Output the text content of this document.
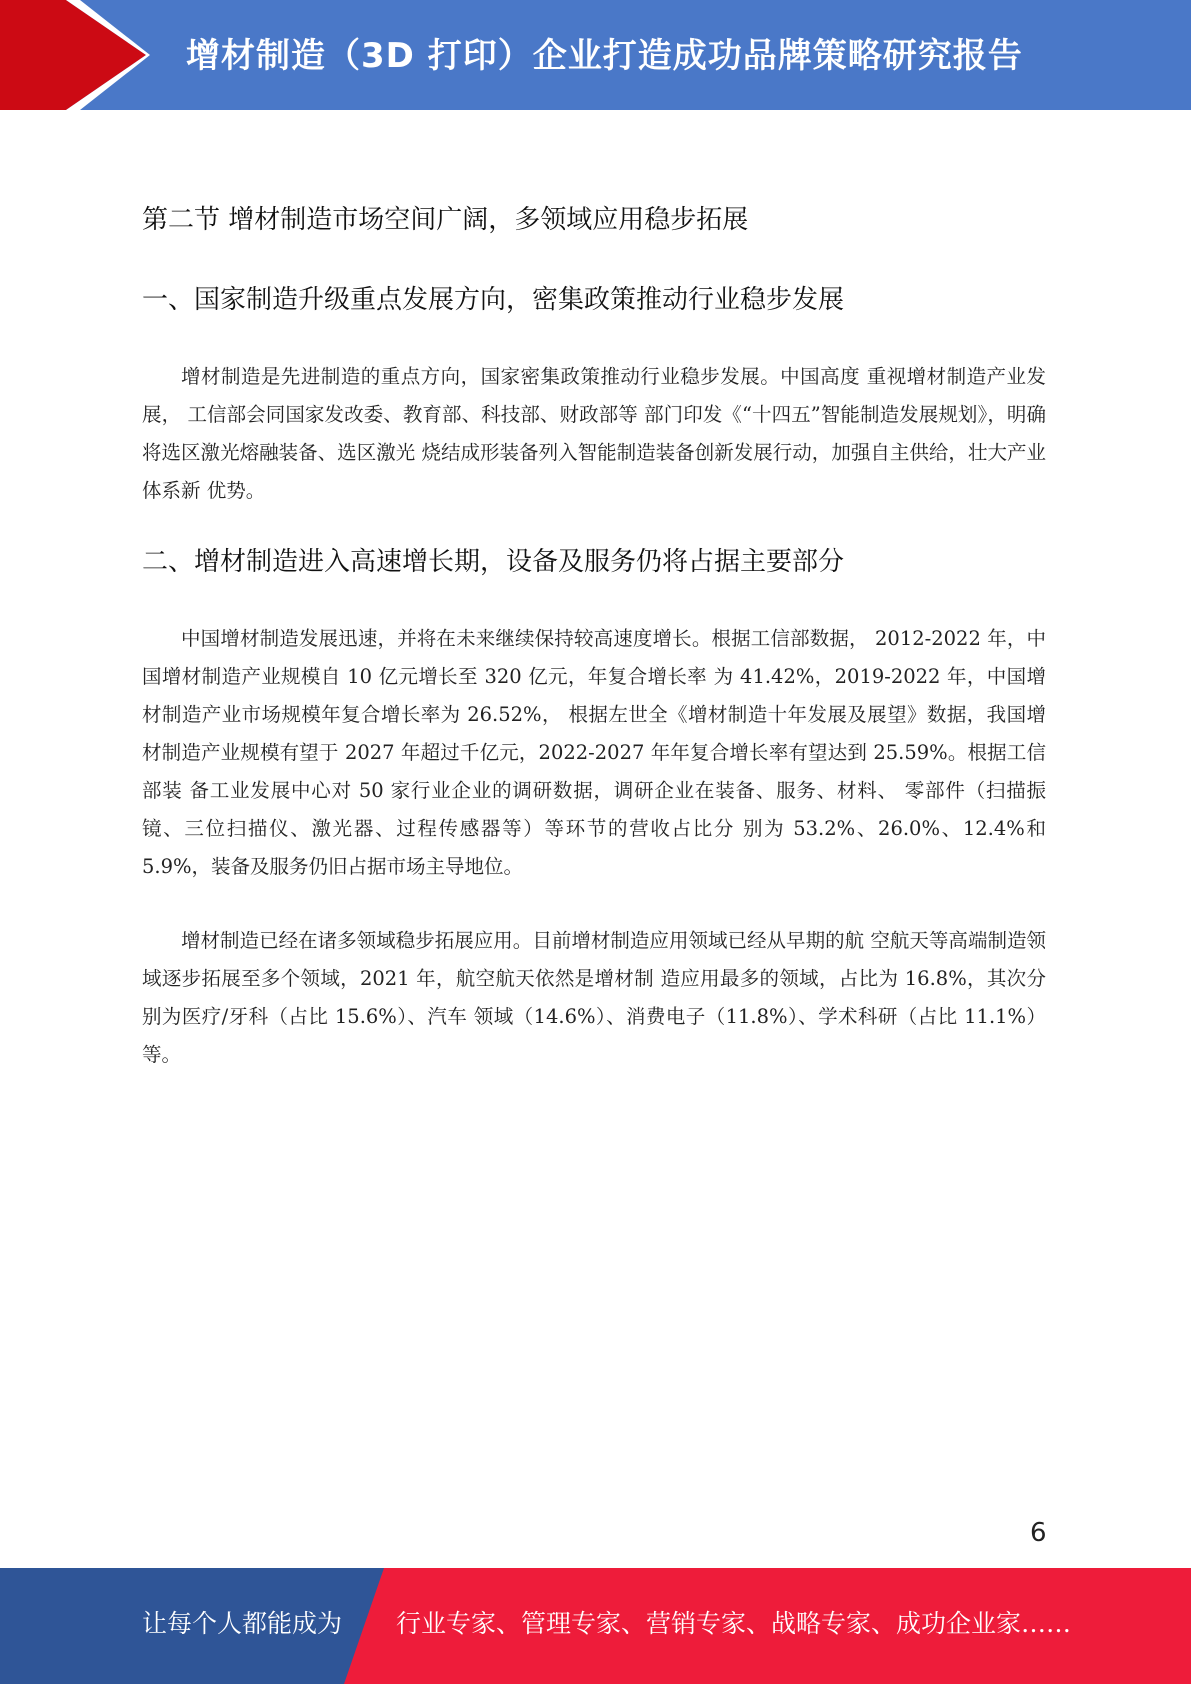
增材制造（3D 打印）企业打造成功品牌策略研究报告
第二节 增材制造市场空间广阔，多领域应用稳步拓展
一、国家制造升级重点发展方向，密集政策推动行业稳步发展

增材制造是先进制造的重点方向，国家密集政策推动行业稳步发展。中国高度 重视增材制造产业发展， 工信部会同国家发改委、教育部、科技部、财政部等 部门印发《“十四五”智能制造发展规划》，明确将选区激光熔融装备、选区激光 烧结成形装备列入智能制造装备创新发展行动，加强自主供给，壮大产业体系新 优势。

二、增材制造进入高速增长期，设备及服务仍将占据主要部分

中国增材制造发展迅速，并将在未来继续保持较高速度增长。根据工信部数据， 2012-2022 年，中国增材制造产业规模自 10 亿元增长至 320 亿元，年复合增长率 为 41.42%，2019-2022 年，中国增材制造产业市场规模年复合增长率为 26.52%， 根据左世全《增材制造十年发展及展望》数据，我国增材制造产业规模有望于 2027 年超过千亿元，2022-2027 年年复合增长率有望达到 25.59%。根据工信部装 备工业发展中心对 50 家行业企业的调研数据，调研企业在装备、服务、材料、 零部件（扫描振镜、三位扫描仪、激光器、过程传感器等）等环节的营收占比分 别为 53.2%、26.0%、12.4%和 5.9%，装备及服务仍旧占据市场主导地位。

增材制造已经在诸多领域稳步拓展应用。目前增材制造应用领域已经从早期的航 空航天等高端制造领域逐步拓展至多个领域，2021 年，航空航天依然是增材制 造应用最多的领域，占比为 16.8%，其次分别为医疗/牙科（占比 15.6%）、汽车 领域（14.6%）、消费电子（11.8%）、学术科研（占比 11.1%）等。

6
让每个人都能成为 行业专家、管理专家、营销专家、战略专家、成功企业家……
